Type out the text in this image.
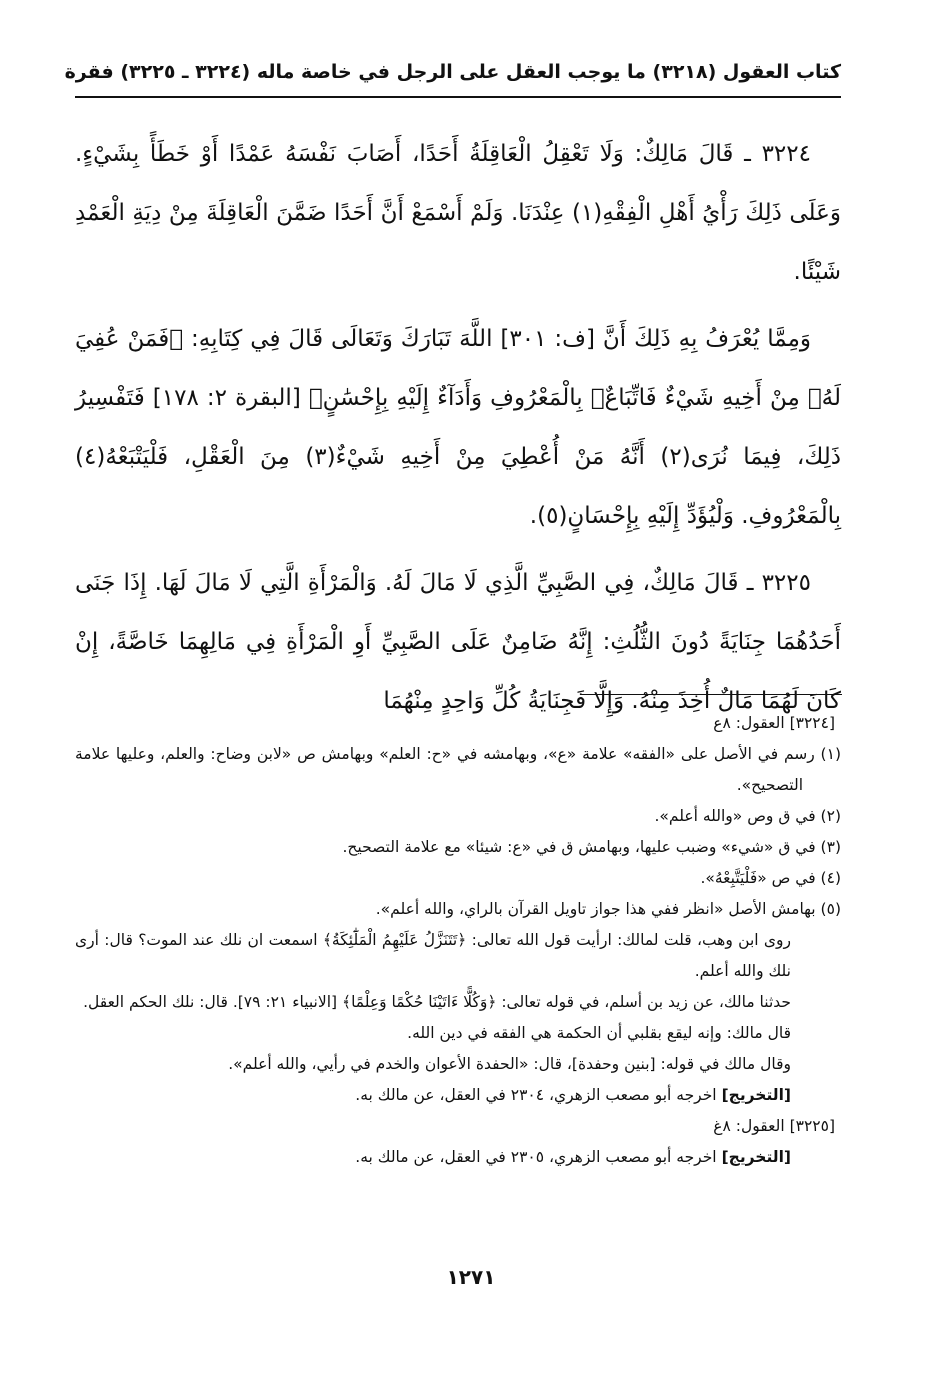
كتاب العقول (٣٢١٨) ما يوجب العقل على الرجل في خاصة ماله (٣٢٢٤ ـ ٣٢٢٥) فقرة

٣٢٢٤ ـ قَالَ مَالِكٌ: وَلَا تَعْقِلُ الْعَاقِلَةُ أَحَدًا، أَصَابَ نَفْسَهُ عَمْدًا أَوْ خَطَأً بِشَيْءٍ. وَعَلَى ذَلِكَ رَأْيُ أَهْلِ الْفِقْهِ(١) عِنْدَنَا. وَلَمْ أَسْمَعْ أَنَّ أَحَدًا ضَمَّنَ الْعَاقِلَةَ مِنْ دِيَةِ الْعَمْدِ شَيْئًا.

وَمِمَّا يُعْرَفُ بِهِ ذَلِكَ أَنَّ [ف: ٣٠١] اللَّهَ تَبَارَكَ وَتَعَالَى قَالَ فِي كِتَابِهِ: ﴿فَمَنْ عُفِيَ لَهُۥ مِنْ أَخِيهِ شَيْءٌ فَاتِّبَاعٌۢ بِالْمَعْرُوفِ وَأَدَآءٌ إِلَيْهِ بِإِحْسَٰنٍ﴾ [البقرة ٢: ١٧٨] فَتَفْسِيرُ ذَلِكَ، فِيمَا نُرَى(٢) أَنَّهُ مَنْ أُعْطِيَ مِنْ أَخِيهِ شَيْءٌ(٣) مِنَ الْعَقْلِ، فَلْيَتْبَعْهُ(٤) بِالْمَعْرُوفِ. وَلْيُؤَدِّ إِلَيْهِ بِإِحْسَانٍ(٥).

٣٢٢٥ ـ قَالَ مَالِكٌ، فِي الصَّبِيِّ الَّذِي لَا مَالَ لَهُ. وَالْمَرْأَةِ الَّتِي لَا مَالَ لَهَا. إِذَا جَنَى أَحَدُهُمَا جِنَايَةً دُونَ الثُّلُثِ: إِنَّهُ ضَامِنٌ عَلَى الصَّبِيِّ أَوِ الْمَرْأَةِ فِي مَالِهِمَا خَاصَّةً، إِنْ كَانَ لَهُمَا مَالٌ أُخِذَ مِنْهُ. وَإِلَّا فَجِنَايَةُ كُلِّ وَاحِدٍ مِنْهُمَا

[٣٢٢٤] العقول: ٨ع

(١) رسم في الأصل على «الفقه» علامة «ع»، وبهامشه في «ح: العلم» وبهامش ص «لابن وضاح: والعلم، وعليها علامة التصحيح».

(٢) في ق وص «والله أعلم».

(٣) في ق «شيء» وضبب عليها، وبهامش ق في «ع: شيئا» مع علامة التصحيح.

(٤) في ص «فَلْيَتَّبِعْهُ».

(٥) بهامش الأصل «انظر ففي هذا جواز تاويل القرآن بالراي، والله أعلم».

روى ابن وهب، قلت لمالك: ارأيت قول الله تعالى: ﴿تَتَنَزَّلُ عَلَيْهِمُ الْمَلَٰٓئِكَةُ﴾ اسمعت ان نلك عند الموت؟ قال: أرى نلك والله أعلم.

حدثنا مالك، عن زيد بن أسلم، في قوله تعالى: ﴿وَكُلًّا ءَاتَيْنَا حُكْمًا وَعِلْمًا﴾ [الانبياء ٢١: ٧٩]. قال: نلك الحكم العقل.

قال مالك: وإنه ليقع بقلبي أن الحكمة هي الفقه في دين الله.

وقال مالك في قوله: [بنين وحفدة]، قال: «الحفدة الأعوان والخدم في رأيي، والله أعلم».

[التخريج] اخرجه أبو مصعب الزهري، ٢٣٠٤ في العقل، عن مالك به.

[٣٢٢٥] العقول: ٨غ

[التخريج] اخرجه أبو مصعب الزهري، ٢٣٠٥ في العقل، عن مالك به.

١٢٧١
